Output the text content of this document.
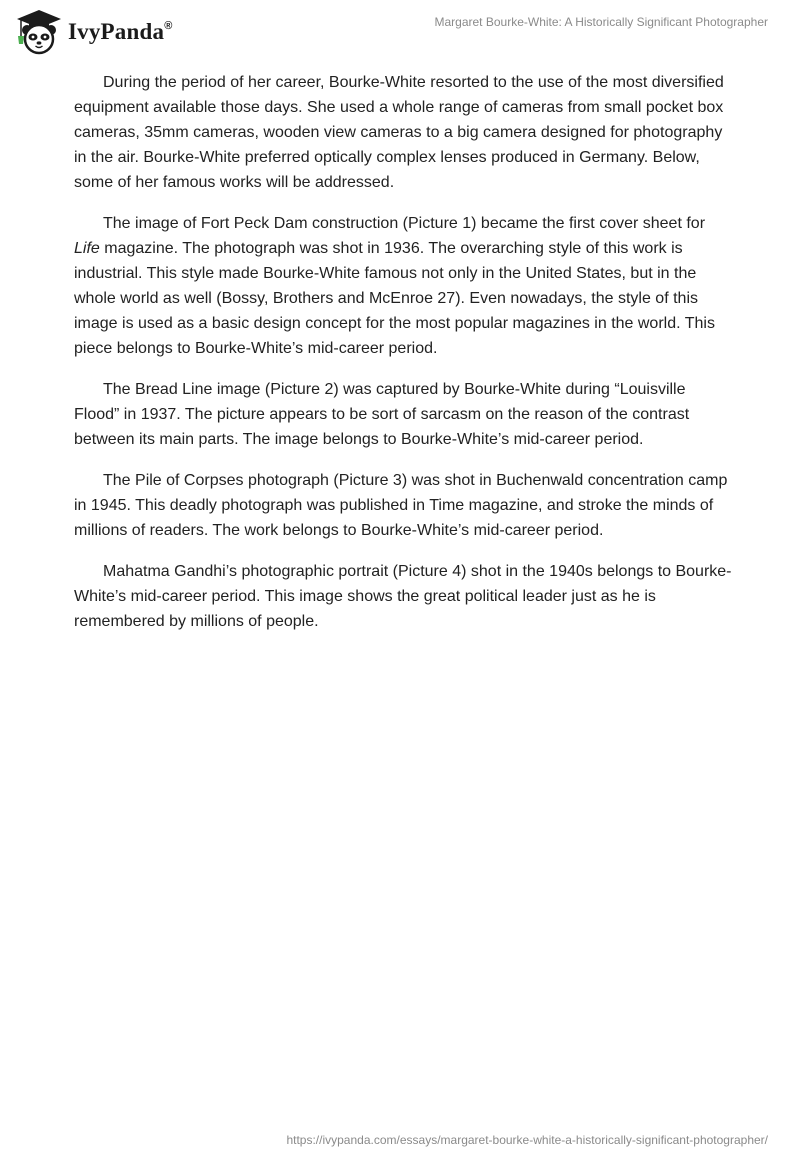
IvyPanda®	Margaret Bourke-White: A Historically Significant Photographer

During the period of her career, Bourke-White resorted to the use of the most diversified equipment available those days. She used a whole range of cameras from small pocket box cameras, 35mm cameras, wooden view cameras to a big camera designed for photography in the air. Bourke-White preferred optically complex lenses produced in Germany. Below, some of her famous works will be addressed.

The image of Fort Peck Dam construction (Picture 1) became the first cover sheet for Life magazine. The photograph was shot in 1936. The overarching style of this work is industrial. This style made Bourke-White famous not only in the United States, but in the whole world as well (Bossy, Brothers and McEnroe 27). Even nowadays, the style of this image is used as a basic design concept for the most popular magazines in the world. This piece belongs to Bourke-White’s mid-career period.

The Bread Line image (Picture 2) was captured by Bourke-White during “Louisville Flood” in 1937. The picture appears to be sort of sarcasm on the reason of the contrast between its main parts. The image belongs to Bourke-White’s mid-career period.

The Pile of Corpses photograph (Picture 3) was shot in Buchenwald concentration camp in 1945. This deadly photograph was published in Time magazine, and stroke the minds of millions of readers. The work belongs to Bourke-White’s mid-career period.

Mahatma Gandhi’s photographic portrait (Picture 4) shot in the 1940s belongs to Bourke-White’s mid-career period. This image shows the great political leader just as he is remembered by millions of people.

https://ivypanda.com/essays/margaret-bourke-white-a-historically-significant-photographer/
